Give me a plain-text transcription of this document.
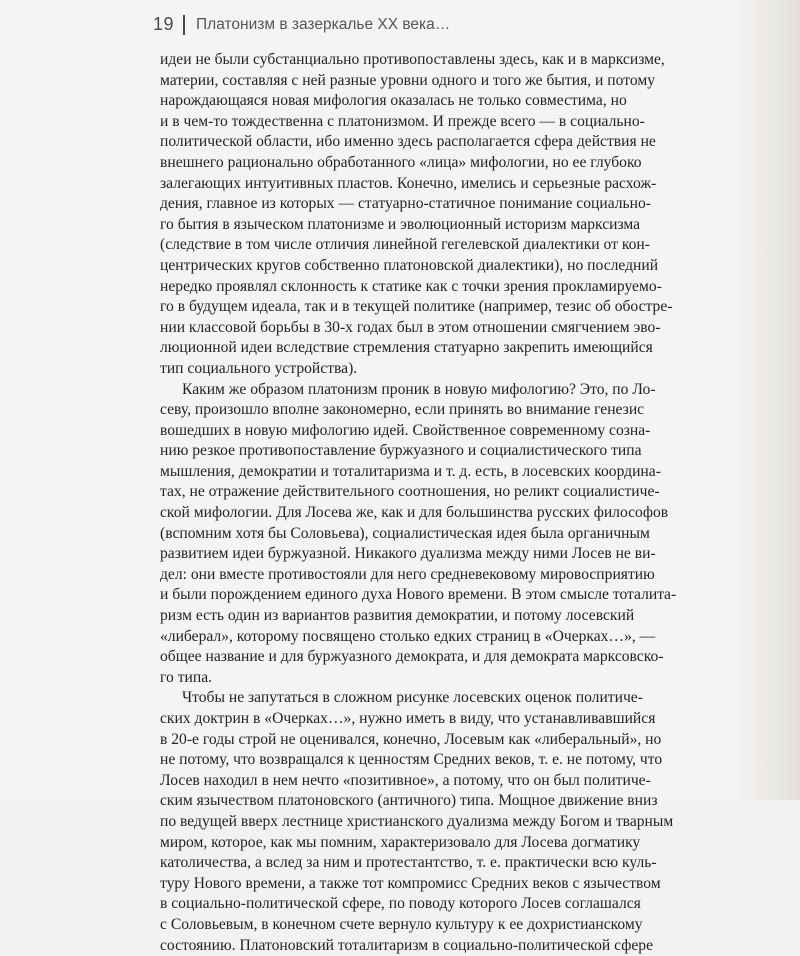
19 Платонизм в зазеркалье XX века…
идеи не были субстанциально противопоставлены здесь, как и в марксизме,
материи, составляя с ней разные уровни одного и того же бытия, и потому
нарождающаяся новая мифология оказалась не только совместима, но
и в чем-то тождественна с платонизмом. И прежде всего — в социально-
политической области, ибо именно здесь располагается сфера действия не
внешнего рационально обработанного «лица» мифологии, но ее глубоко
залегающих интуитивных пластов. Конечно, имелись и серьезные расхож-
дения, главное из которых — статуарно-статичное понимание социально-
го бытия в языческом платонизме и эволюционный историзм марксизма
(следствие в том числе отличия линейной гегелевской диалектики от кон-
центрических кругов собственно платоновской диалектики), но последний
нередко проявлял склонность к статике как с точки зрения прокламируемо-
го в будущем идеала, так и в текущей политике (например, тезис об обостре-
нии классовой борьбы в 30-х годах был в этом отношении смягчением эво-
люционной идеи вследствие стремления статуарно закрепить имеющийся
тип социального устройства).
Каким же образом платонизм проник в новую мифологию? Это, по Ло-
севу, произошло вполне закономерно, если принять во внимание генезис
вошедших в новую мифологию идей. Свойственное современному созна-
нию резкое противопоставление буржуазного и социалистического типа
мышления, демократии и тоталитаризма и т. д. есть, в лосевских координа-
тах, не отражение действительного соотношения, но реликт социалистиче-
ской мифологии. Для Лосева же, как и для большинства русских философов
(вспомним хотя бы Соловьева), социалистическая идея была органичным
развитием идеи буржуазной. Никакого дуализма между ними Лосев не ви-
дел: они вместе противостояли для него средневековому мировосприятию
и были порождением единого духа Нового времени. В этом смысле тоталитa-
ризм есть один из вариантов развития демократии, и потому лосевский
«либерал», которому посвящено столько едких страниц в «Очерках…», —
общее название и для буржуазного демократа, и для демократа марксовско-
го типа.
Чтобы не запутаться в сложном рисунке лосевских оценок политиче-
ских доктрин в «Очерках…», нужно иметь в виду, что устанавливавшийся
в 20-е годы строй не оценивался, конечно, Лосевым как «либеральный», но
не потому, что возвращался к ценностям Средних веков, т. е. не потому, что
Лосев находил в нем нечто «позитивное», а потому, что он был политиче-
ским язычеством платоновского (античного) типа. Мощное движение вниз
по ведущей вверх лестнице христианского дуализма между Богом и тварным
миром, которое, как мы помним, характеризовало для Лосева догматику
католичества, а вслед за ним и протестантство, т. е. практически всю куль-
туру Нового времени, а также тот компромисс Средних веков с язычеством
в социально-политической сфере, по поводу которого Лосев соглашался
с Соловьевым, в конечном счете вернуло культуру к ее дохристианскому
состоянию. Платоновский тоталитаризм в социально-политической сфере
